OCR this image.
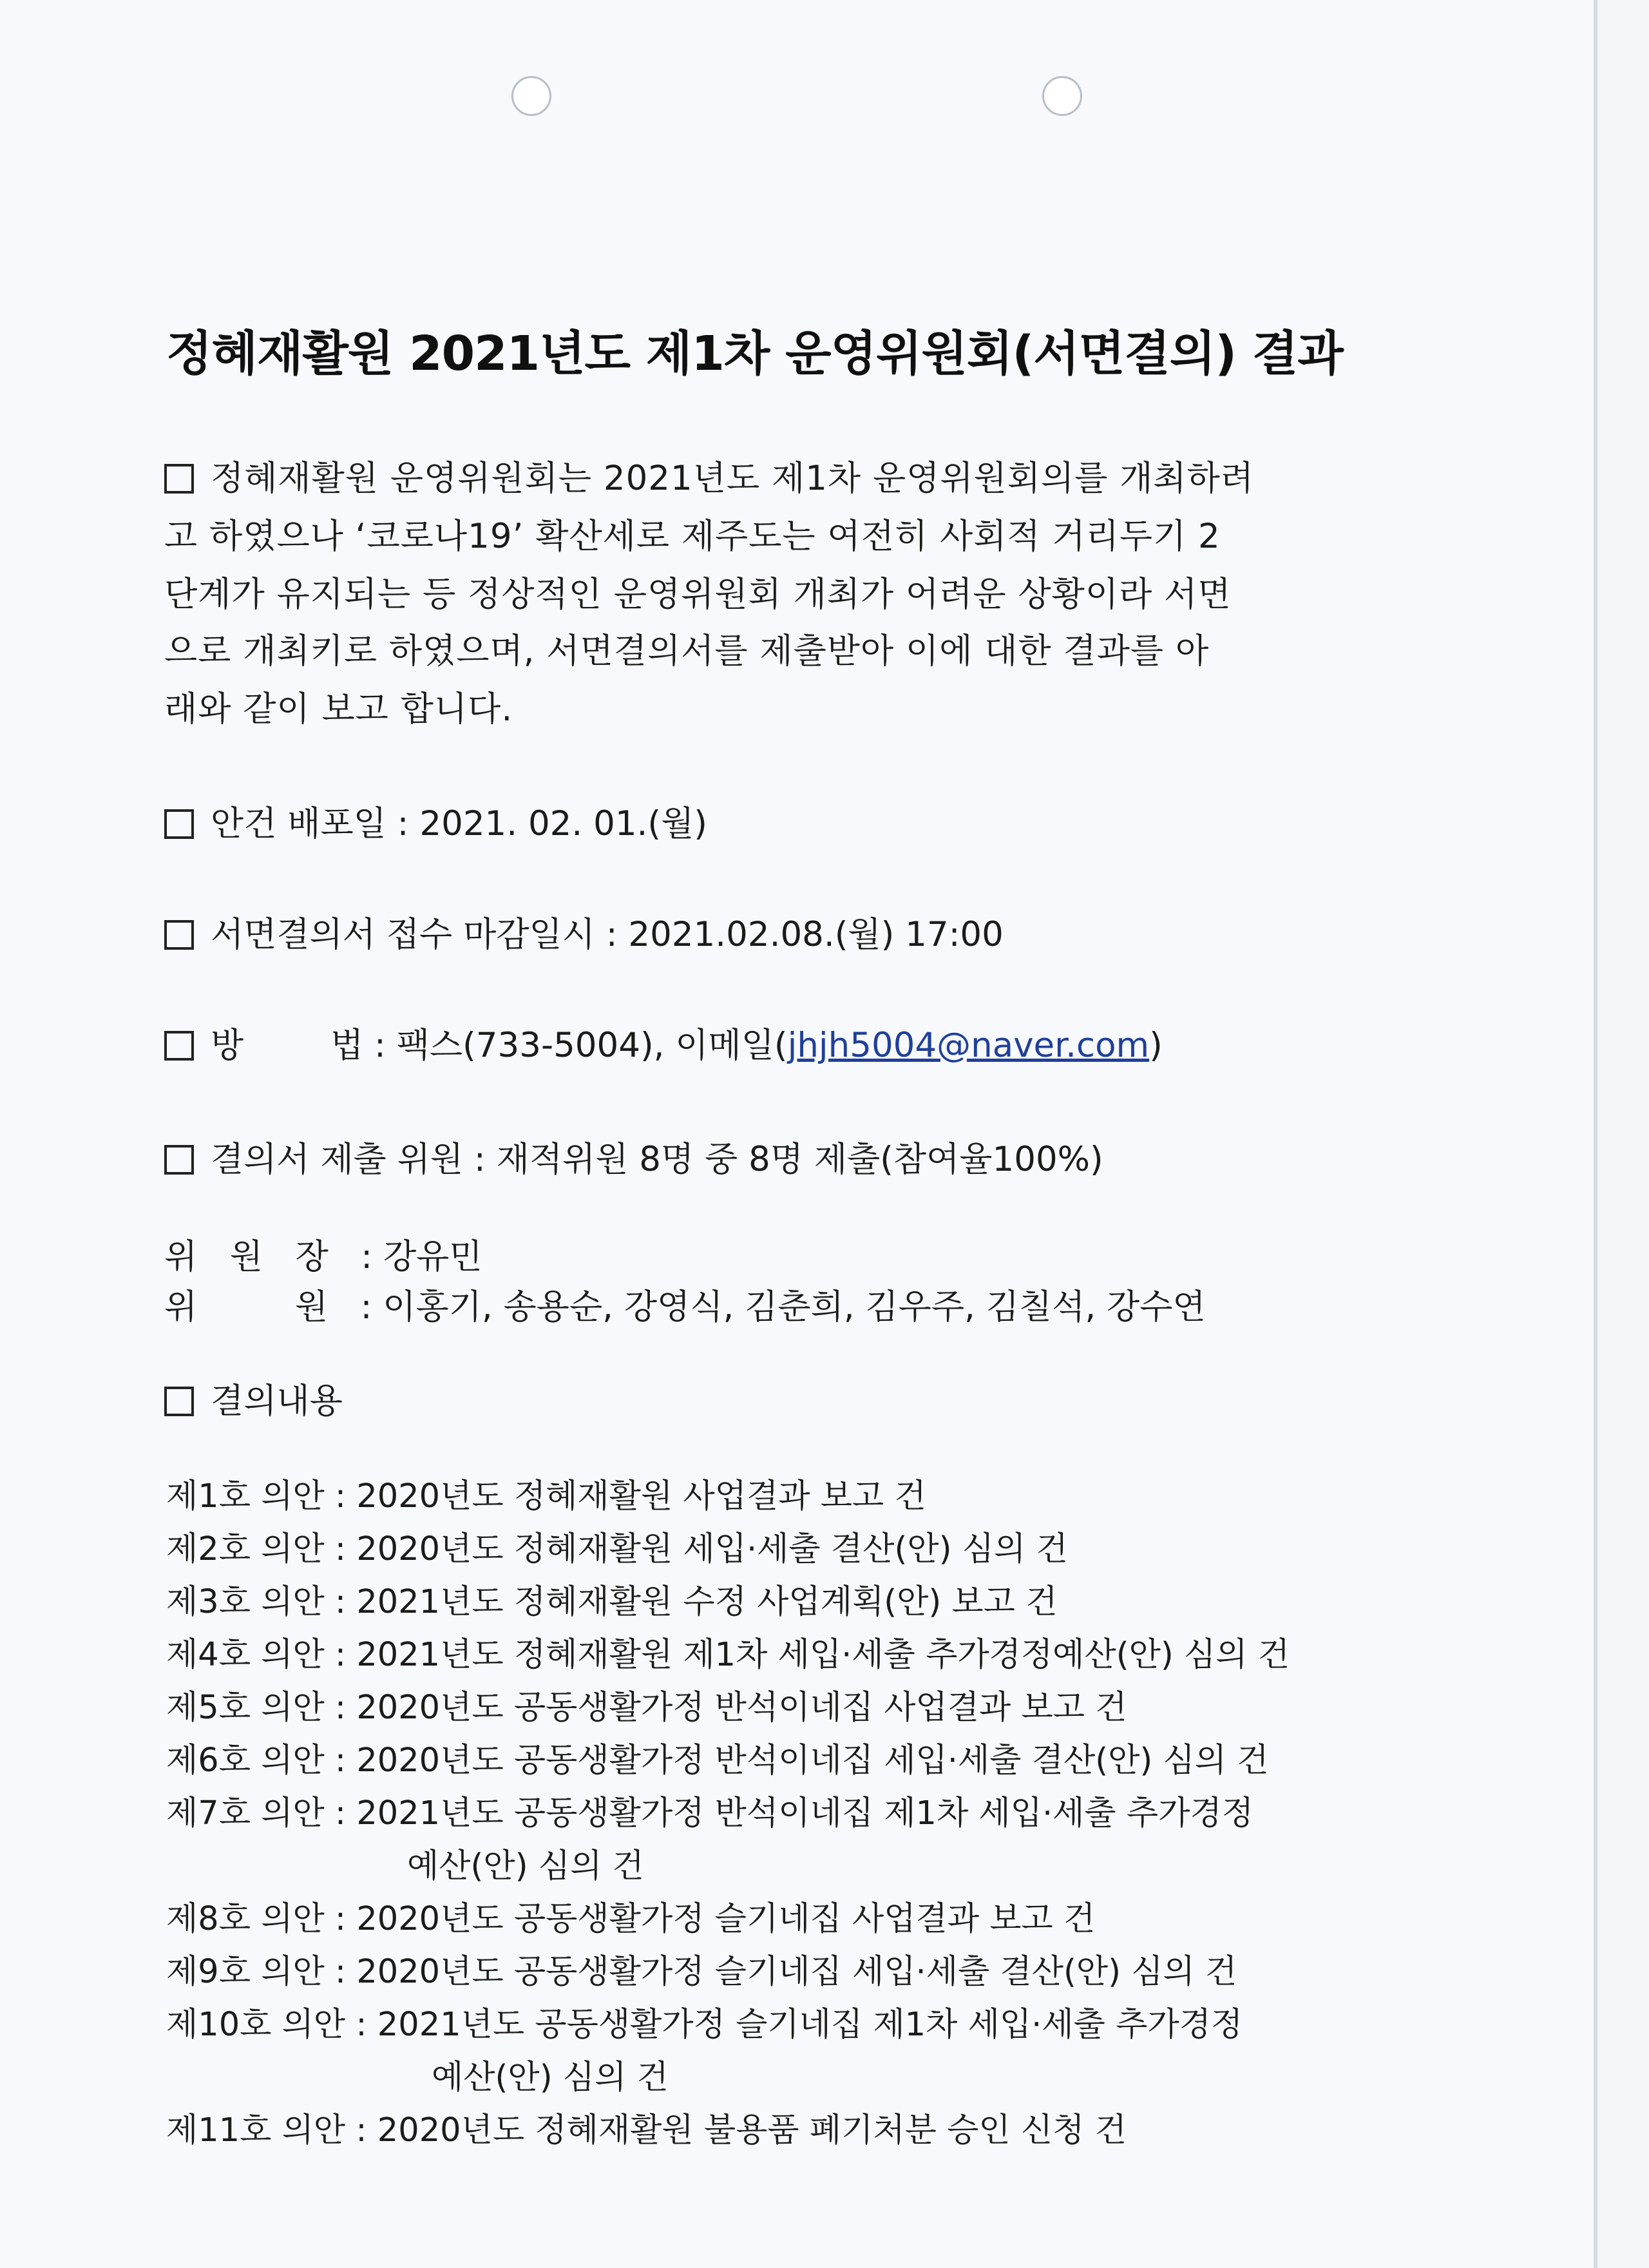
정혜재활원 2021년도 제1차 운영위원회(서면결의) 결과
정혜재활원 운영위원회는 2021년도 제1차 운영위원회의를 개최하려
고 하였으나 ‘코로나19’ 확산세로 제주도는 여전히 사회적 거리두기 2
단계가 유지되는 등 정상적인 운영위원회 개최가 어려운 상황이라 서면
으로 개최키로 하였으며, 서면결의서를 제출받아 이에 대한 결과를 아
래와 같이 보고 합니다.
안건 배포일 : 2021. 02. 01.(월)
서면결의서 접수 마감일시 : 2021.02.08.(월) 17:00
방        법 : 팩스(733-5004), 이메일(jhjh5004@naver.com)
결의서 제출 위원 : 재적위원 8명 중 8명 제출(참여율100%)
위   원   장 : 강유민
위         원 : 이홍기, 송용순, 강영식, 김춘희, 김우주, 김칠석, 강수연
결의내용
제1호 의안 : 2020년도 정혜재활원 사업결과 보고 건
제2호 의안 : 2020년도 정혜재활원 세입·세출 결산(안) 심의 건
제3호 의안 : 2021년도 정혜재활원 수정 사업계획(안) 보고 건
제4호 의안 : 2021년도 정혜재활원 제1차 세입·세출 추가경정예산(안) 심의 건
제5호 의안 : 2020년도 공동생활가정 반석이네집 사업결과 보고 건
제6호 의안 : 2020년도 공동생활가정 반석이네집 세입·세출 결산(안) 심의 건
제7호 의안 : 2021년도 공동생활가정 반석이네집 제1차 세입·세출 추가경정
예산(안) 심의 건
제8호 의안 : 2020년도 공동생활가정 슬기네집 사업결과 보고 건
제9호 의안 : 2020년도 공동생활가정 슬기네집 세입·세출 결산(안) 심의 건
제10호 의안 : 2021년도 공동생활가정 슬기네집 제1차 세입·세출 추가경정
예산(안) 심의 건
제11호 의안 : 2020년도 정혜재활원 불용품 폐기처분 승인 신청 건
